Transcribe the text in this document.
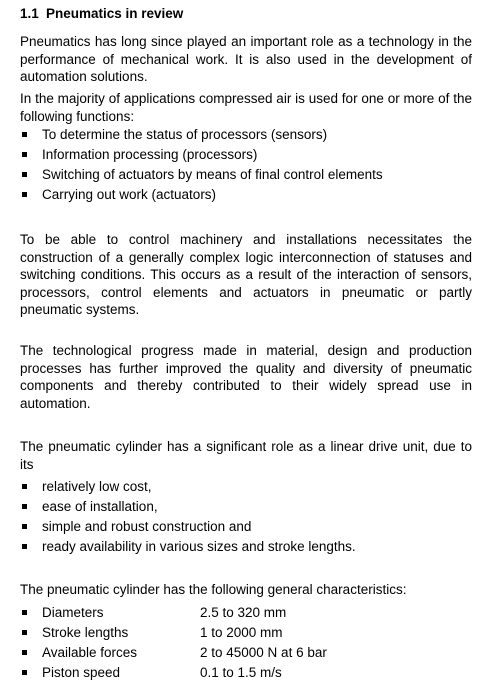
1.1 Pneumatics in review

Pneumatics has long since played an important role as a technology in the performance of mechanical work. It is also used in the development of automation solutions.

In the majority of applications compressed air is used for one or more of the following functions:

To determine the status of processors (sensors)
Information processing (processors)
Switching of actuators by means of final control elements
Carrying out work (actuators)

To be able to control machinery and installations necessitates the construction of a generally complex logic interconnection of statuses and switching conditions. This occurs as a result of the interaction of sensors, processors, control elements and actuators in pneumatic or partly pneumatic systems.

The technological progress made in material, design and production processes has further improved the quality and diversity of pneumatic components and thereby contributed to their widely spread use in automation.

The pneumatic cylinder has a significant role as a linear drive unit, due to its

relatively low cost,
ease of installation,
simple and robust construction and
ready availability in various sizes and stroke lengths.

The pneumatic cylinder has the following general characteristics:

Diameters	2.5 to 320 mm
Stroke lengths	1 to 2000 mm
Available forces	2 to 45000 N at 6 bar
Piston speed	0.1 to 1.5 m/s
